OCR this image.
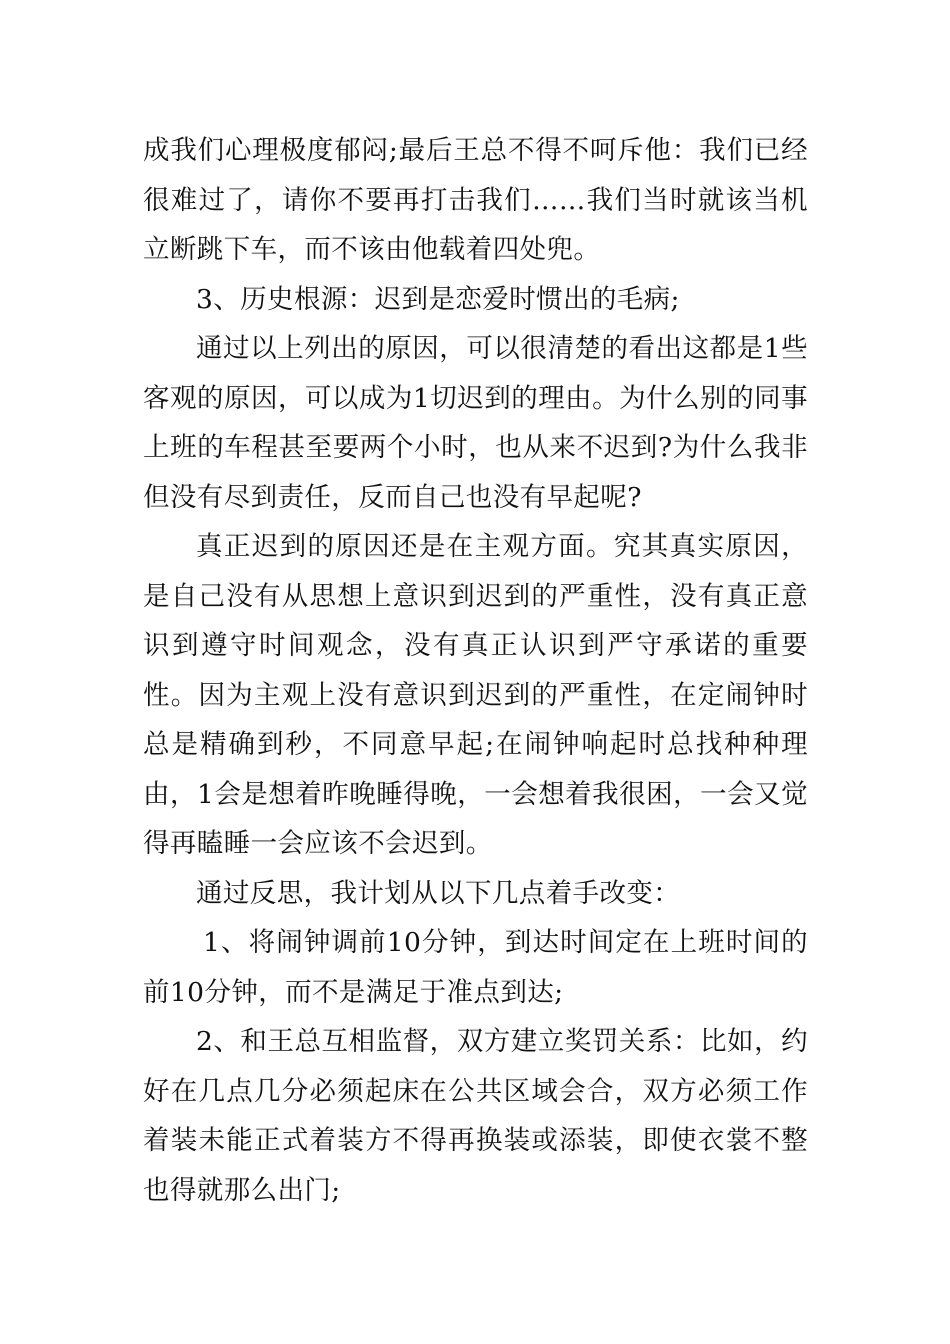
成我们心理极度郁闷;最后王总不得不呵斥他：我们已经很难过了，请你不要再打击我们……我们当时就该当机立断跳下车，而不该由他载着四处兜。

3、历史根源：迟到是恋爱时惯出的毛病;

通过以上列出的原因，可以很清楚的看出这都是1些客观的原因，可以成为1切迟到的理由。为什么别的同事上班的车程甚至要两个小时，也从来不迟到?为什么我非但没有尽到责任，反而自己也没有早起呢?

真正迟到的原因还是在主观方面。究其真实原因，是自己没有从思想上意识到迟到的严重性，没有真正意识到遵守时间观念，没有真正认识到严守承诺的重要性。因为主观上没有意识到迟到的严重性，在定闹钟时总是精确到秒，不同意早起;在闹钟响起时总找种种理由，1会是想着昨晚睡得晚，一会想着我很困，一会又觉得再瞌睡一会应该不会迟到。

通过反思，我计划从以下几点着手改变：

1、将闹钟调前10分钟，到达时间定在上班时间的前10分钟，而不是满足于准点到达;

2、和王总互相监督，双方建立奖罚关系：比如，约好在几点几分必须起床在公共区域会合，双方必须工作着装未能正式着装方不得再换装或添装，即使衣裳不整也得就那么出门;
